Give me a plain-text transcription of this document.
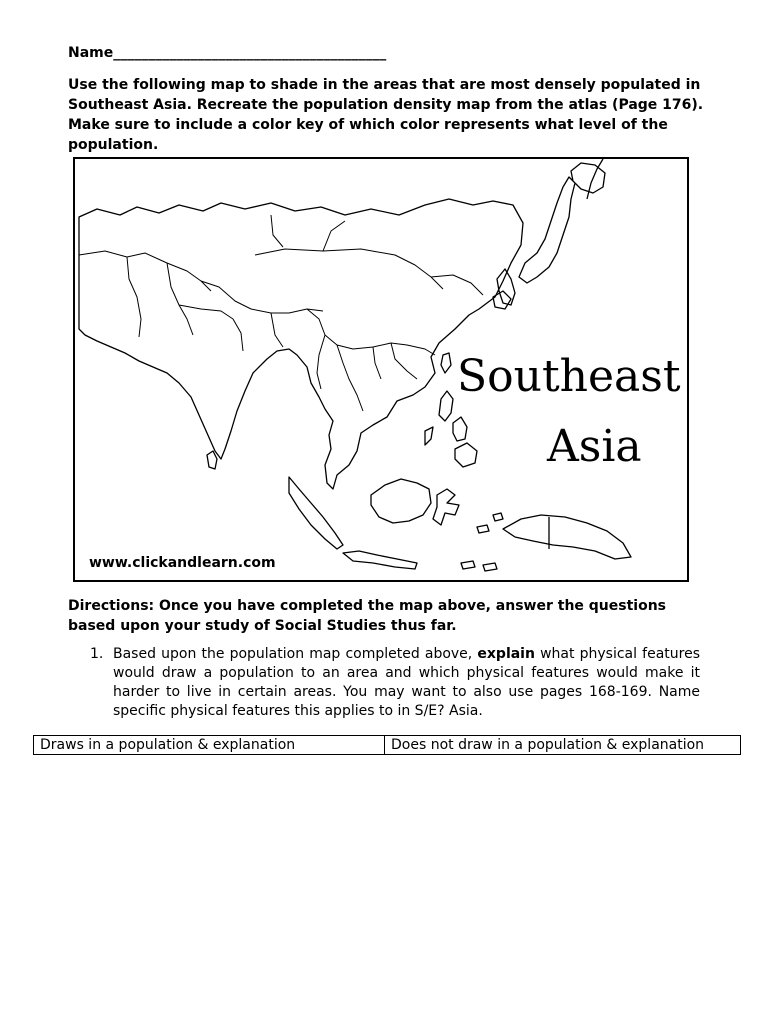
Name_______________________________________

Use the following map to shade in the areas that are most densely populated in Southeast Asia. Recreate the population density map from the atlas (Page 176). Make sure to include a color key of which color represents what level of the population.

Southeast
Asia
www.clickandlearn.com

Directions: Once you have completed the map above, answer the questions based upon your study of Social Studies thus far.

1. Based upon the population map completed above, explain what physical features would draw a population to an area and which physical features would make it harder to live in certain areas. You may want to also use pages 168-169. Name specific physical features this applies to in S/E? Asia.
Draws in a population & explanation	Does not draw in a population & explanation
